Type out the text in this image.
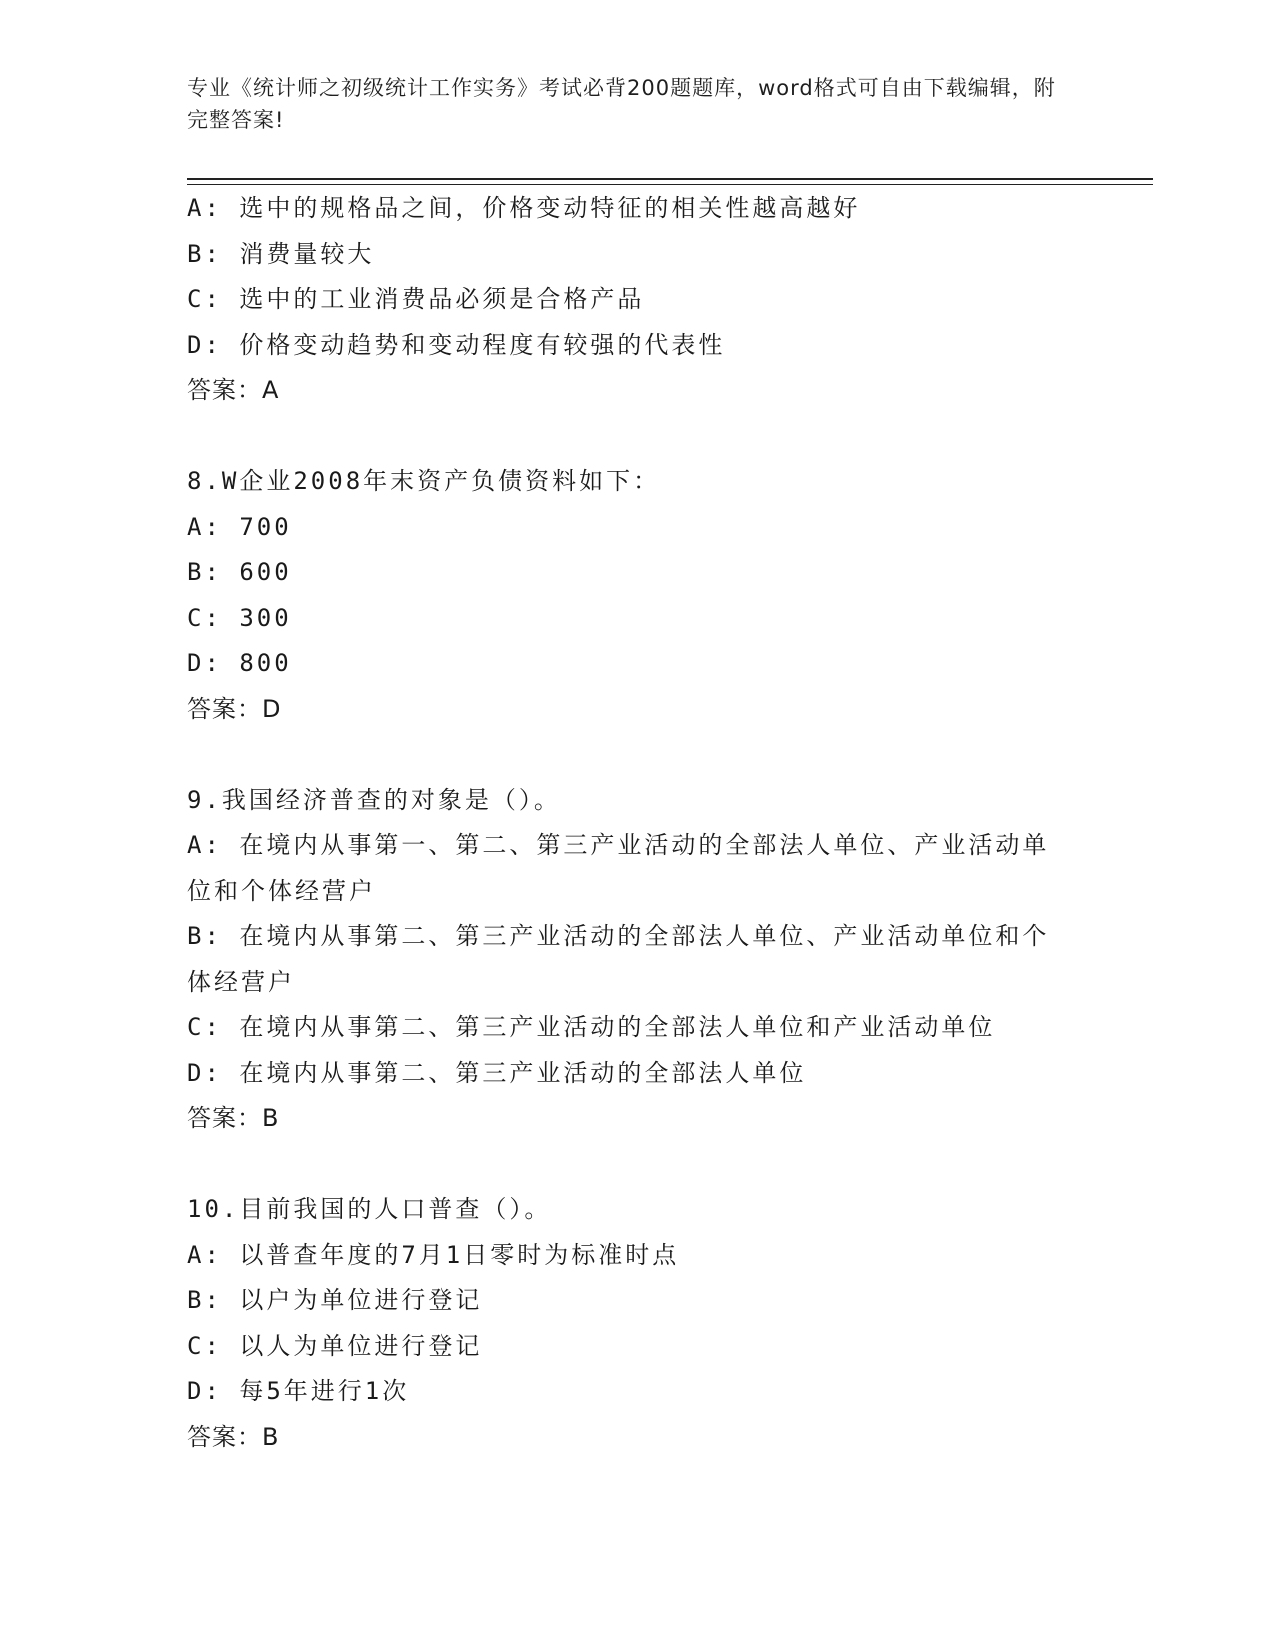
专业《统计师之初级统计工作实务》考试必背200题题库，word格式可自由下载编辑，附完整答案!
A: 选中的规格品之间，价格变动特征的相关性越高越好
B: 消费量较大
C: 选中的工业消费品必须是合格产品
D: 价格变动趋势和变动程度有较强的代表性
答案：A
8.W企业2008年末资产负债资料如下：
A: 700
B: 600
C: 300
D: 800
答案：D
9.我国经济普查的对象是（）。
A: 在境内从事第一、第二、第三产业活动的全部法人单位、产业活动单位和个体经营户
B: 在境内从事第二、第三产业活动的全部法人单位、产业活动单位和个体经营户
C: 在境内从事第二、第三产业活动的全部法人单位和产业活动单位
D: 在境内从事第二、第三产业活动的全部法人单位
答案：B
10.目前我国的人口普查（）。
A: 以普查年度的7月1日零时为标准时点
B: 以户为单位进行登记
C: 以人为单位进行登记
D: 每5年进行1次
答案：B
